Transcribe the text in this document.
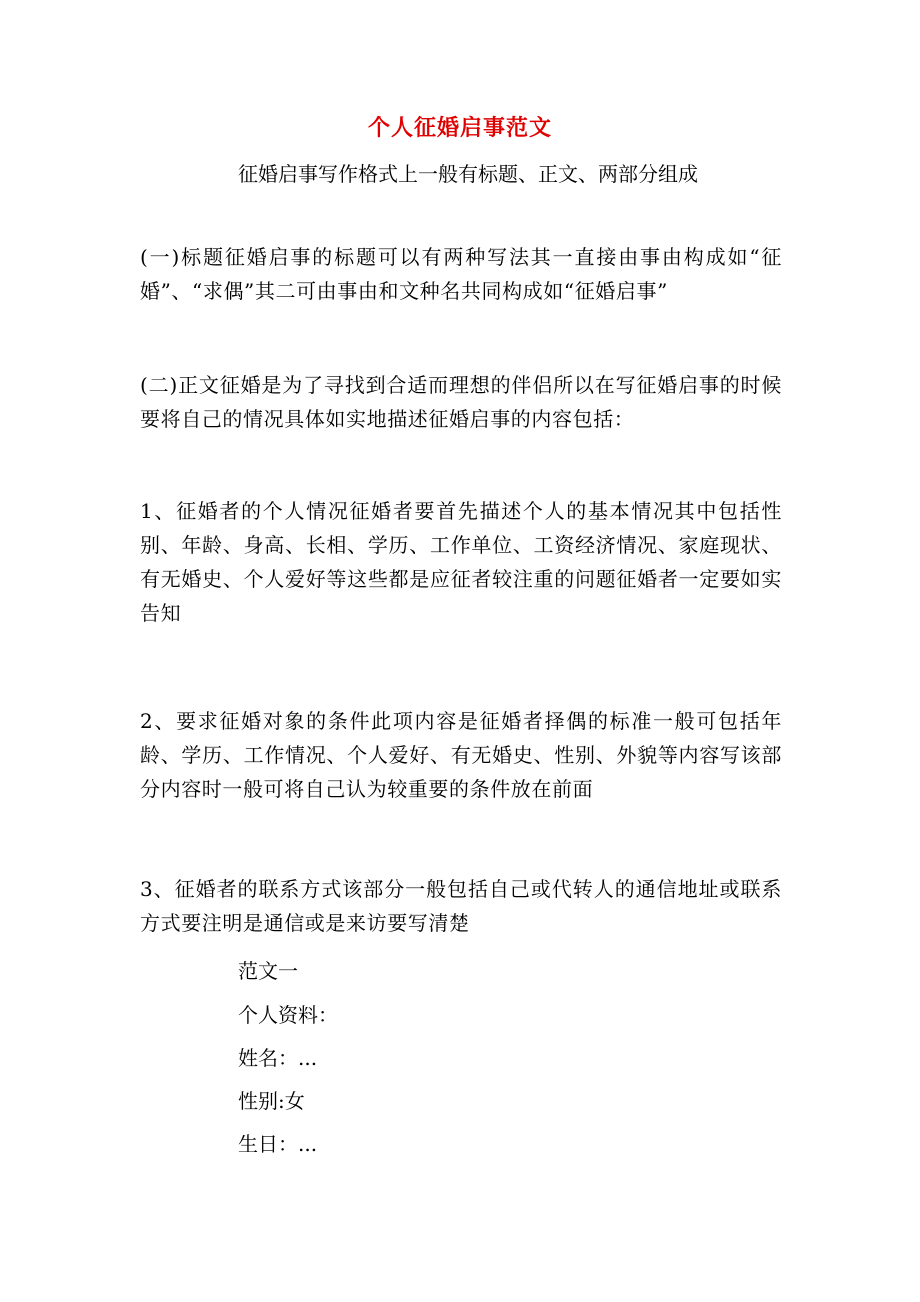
个人征婚启事范文
征婚启事写作格式上一般有标题、正文、两部分组成
(一)标题征婚启事的标题可以有两种写法其一直接由事由构成如“征婚”、“求偶”其二可由事由和文种名共同构成如“征婚启事”
(二)正文征婚是为了寻找到合适而理想的伴侣所以在写征婚启事的时候要将自己的情况具体如实地描述征婚启事的内容包括：
1、征婚者的个人情况征婚者要首先描述个人的基本情况其中包括性别、年龄、身高、长相、学历、工作单位、工资经济情况、家庭现状、有无婚史、个人爱好等这些都是应征者较注重的问题征婚者一定要如实告知
2、要求征婚对象的条件此项内容是征婚者择偶的标准一般可包括年龄、学历、工作情况、个人爱好、有无婚史、性别、外貌等内容写该部分内容时一般可将自己认为较重要的条件放在前面
3、征婚者的联系方式该部分一般包括自己或代转人的通信地址或联系方式要注明是通信或是来访要写清楚
范文一
个人资料：
姓名：...
性别:女
生日：...
